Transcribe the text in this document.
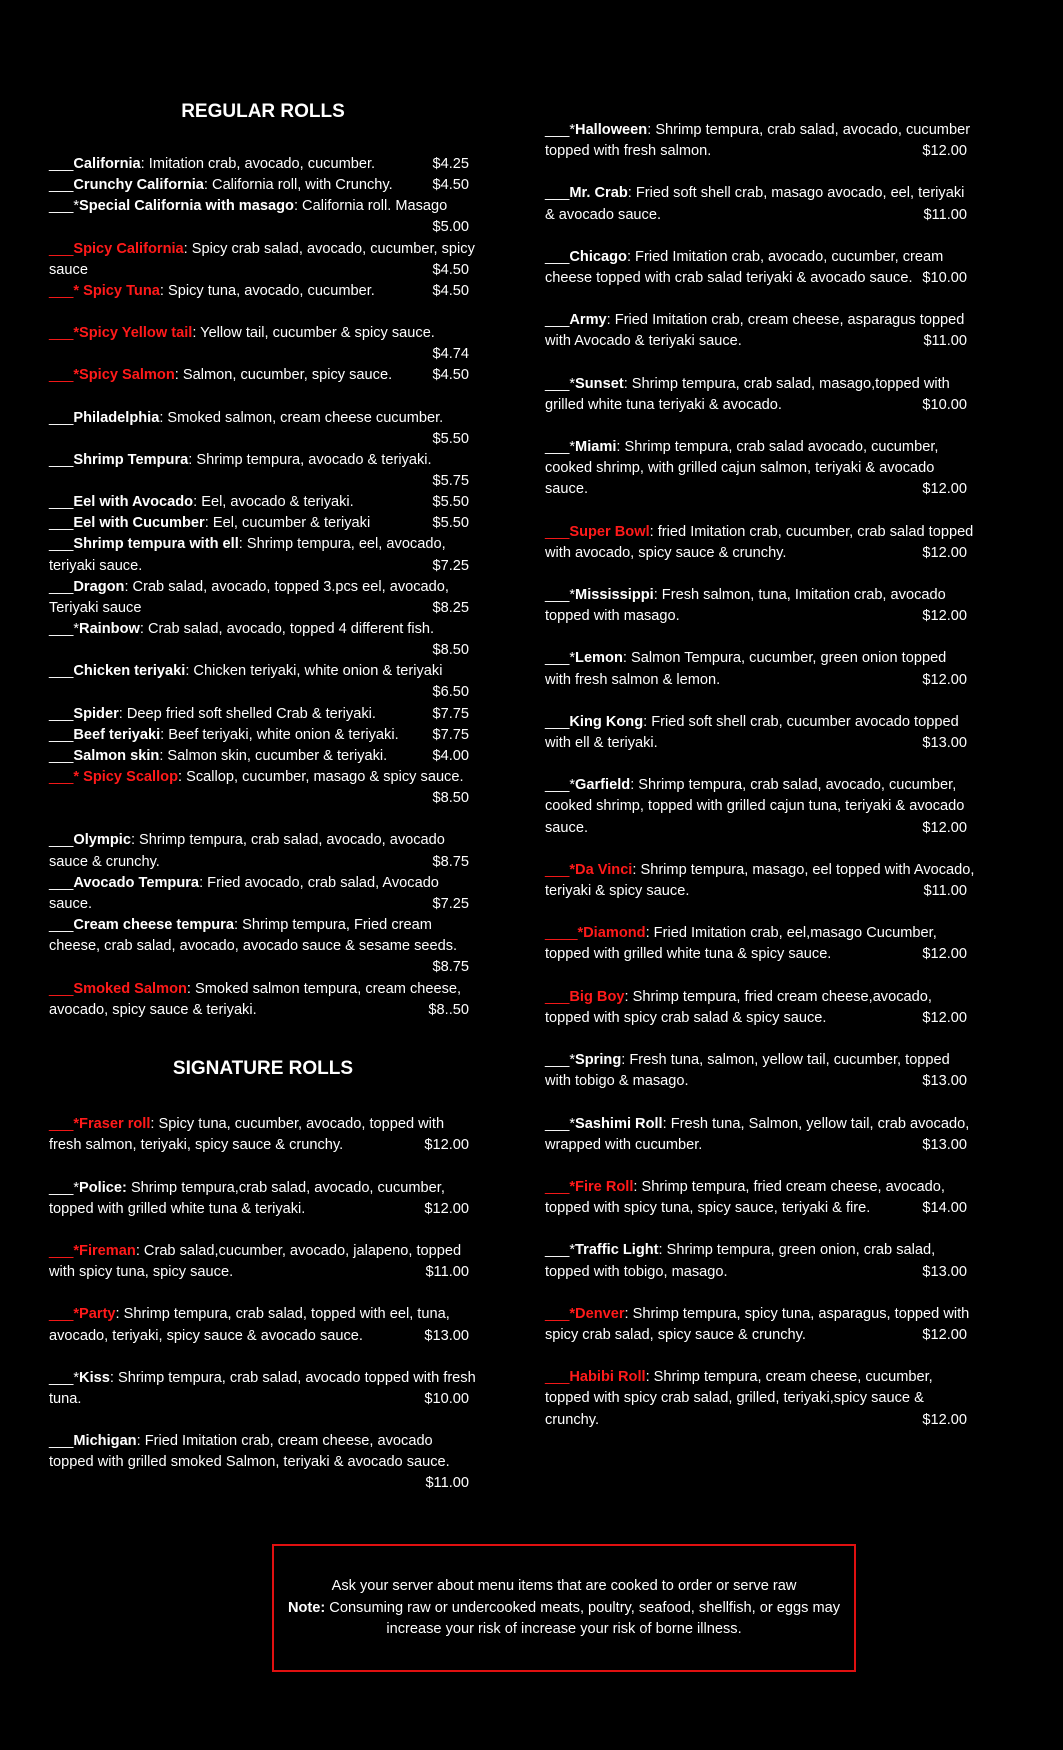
REGULAR ROLLS

___California: Imitation crab, avocado, cucumber.	$4.25

___Crunchy California: California roll, with Crunchy.	$4.50

___*Special California with masago: California roll. Masago
$5.00

___Spicy California: Spicy crab salad, avocado, cucumber, spicy sauce	$4.50

___* Spicy Tuna: Spicy tuna, avocado, cucumber.	$4.50

___*Spicy Yellow tail: Yellow tail, cucumber & spicy sauce.
$4.74

___*Spicy Salmon: Salmon, cucumber, spicy sauce.	$4.50

___Philadelphia: Smoked salmon, cream cheese cucumber.
$5.50

___Shrimp Tempura: Shrimp tempura, avocado & teriyaki.
$5.75

___Eel with Avocado: Eel, avocado & teriyaki.	$5.50

___Eel with Cucumber: Eel, cucumber & teriyaki	$5.50

___Shrimp tempura with ell: Shrimp tempura, eel, avocado, teriyaki sauce.	$7.25

___Dragon: Crab salad, avocado, topped 3.pcs eel, avocado, Teriyaki sauce	$8.25

___*Rainbow: Crab salad, avocado, topped 4 different fish.
$8.50

___Chicken teriyaki: Chicken teriyaki, white onion & teriyaki
$6.50

___Spider: Deep fried soft shelled Crab & teriyaki.	$7.75

___Beef teriyaki: Beef teriyaki, white onion & teriyaki. $7.75

___Salmon skin: Salmon skin, cucumber & teriyaki.	$4.00

___* Spicy Scallop: Scallop, cucumber, masago & spicy sauce.
$8.50

___Olympic: Shrimp tempura, crab salad, avocado, avocado sauce & crunchy.	$8.75

___Avocado Tempura: Fried avocado, crab salad, Avocado sauce.	$7.25

___Cream cheese tempura: Shrimp tempura, Fried cream cheese, crab salad, avocado, avocado sauce & sesame seeds.
$8.75

___Smoked Salmon: Smoked salmon tempura, cream cheese, avocado, spicy sauce & teriyaki.	$8..50

SIGNATURE ROLLS

___*Fraser roll: Spicy tuna, cucumber, avocado, topped with fresh salmon, teriyaki, spicy sauce & crunchy.	$12.00

___*Police: Shrimp tempura,crab salad, avocado, cucumber, topped with grilled white tuna & teriyaki.	$12.00

___*Fireman: Crab salad,cucumber, avocado, jalapeno, topped with spicy tuna, spicy sauce.	$11.00

___*Party: Shrimp tempura, crab salad, topped with eel, tuna, avocado, teriyaki, spicy sauce & avocado sauce.	$13.00

___*Kiss: Shrimp tempura, crab salad, avocado topped with fresh tuna.	$10.00

___Michigan: Fried Imitation crab, cream cheese, avocado topped with grilled smoked Salmon, teriyaki & avocado sauce.
$11.00

___*Halloween: Shrimp tempura, crab salad, avocado, cucumber topped with fresh salmon.	$12.00

___Mr. Crab: Fried soft shell crab, masago avocado, eel, teriyaki & avocado sauce.	$11.00

___Chicago: Fried Imitation crab, avocado, cucumber, cream cheese topped with crab salad teriyaki & avocado sauce. $10.00

___Army: Fried Imitation crab, cream cheese, asparagus topped with Avocado & teriyaki sauce.	$11.00

___*Sunset: Shrimp tempura, crab salad, masago,topped with grilled white tuna teriyaki & avocado.	$10.00

___*Miami: Shrimp tempura, crab salad avocado, cucumber, cooked shrimp, with grilled cajun salmon, teriyaki & avocado sauce.	$12.00

___Super Bowl: fried Imitation crab, cucumber, crab salad topped with avocado, spicy sauce & crunchy.	$12.00

___*Mississippi: Fresh salmon, tuna, Imitation crab, avocado topped with masago.	$12.00

___*Lemon: Salmon Tempura, cucumber, green onion topped with fresh salmon & lemon.	$12.00

___King Kong: Fried soft shell crab, cucumber avocado topped with ell & teriyaki.	$13.00

___*Garfield: Shrimp tempura, crab salad, avocado, cucumber, cooked shrimp, topped with grilled cajun tuna, teriyaki & avocado sauce.	$12.00

___*Da Vinci: Shrimp tempura, masago, eel topped with Avocado, teriyaki & spicy sauce.	$11.00

____*Diamond: Fried Imitation crab, eel,masago Cucumber, topped with grilled white tuna & spicy sauce.	$12.00

___Big Boy: Shrimp tempura, fried cream cheese,avocado, topped with spicy crab salad & spicy sauce.	$12.00

___*Spring: Fresh tuna, salmon, yellow tail, cucumber, topped with tobigo & masago.	$13.00

___*Sashimi Roll: Fresh tuna, Salmon, yellow tail, crab avocado, wrapped with cucumber.	$13.00

___*Fire Roll: Shrimp tempura, fried cream cheese, avocado, topped with spicy tuna, spicy sauce, teriyaki & fire.	$14.00

___*Traffic Light: Shrimp tempura, green onion, crab salad, topped with tobigo, masago.	$13.00

___*Denver: Shrimp tempura, spicy tuna, asparagus, topped with spicy crab salad, spicy sauce & crunchy.	$12.00

___Habibi Roll: Shrimp tempura, cream cheese, cucumber, topped with spicy crab salad, grilled, teriyaki,spicy sauce & crunchy.	$12.00

Ask your server about menu items that are cooked to order or serve raw
Note: Consuming raw or undercooked meats, poultry, seafood, shellfish, or eggs may increase your risk of increase your risk of borne illness.
